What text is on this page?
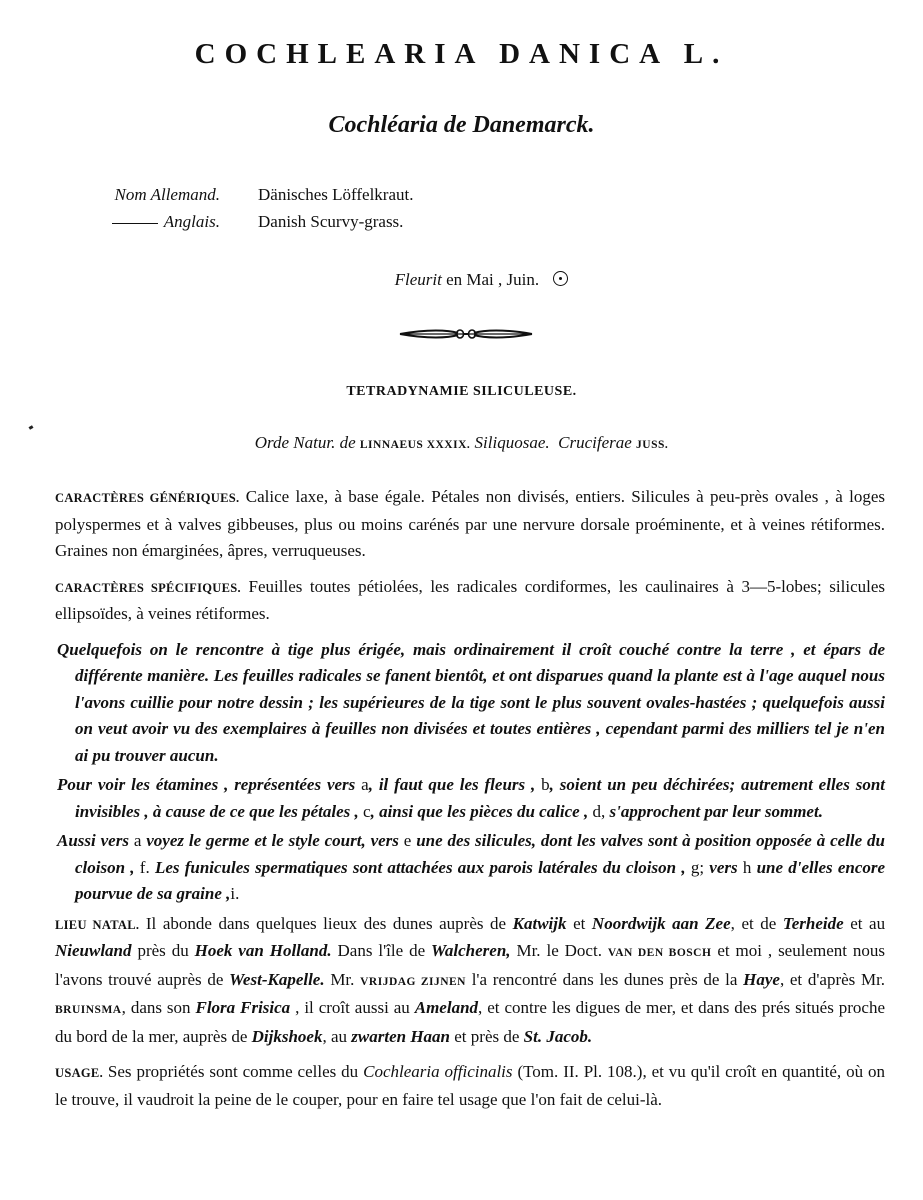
COCHLEARIA DANICA L.
Cochléaria de Danemarck.
Nom Allemand.	Dänisches Löffelkraut.
Anglais.	Danish Scurvy-grass.
Fleurit en Mai , Juin.
TETRADYNAMIE SILICULEUSE.
Orde Natur. de LINNAEUS XXXIX. Siliquosae. Cruciferae JUSS.

CARACTÈRES GÉNÉRIQUES. Calice laxe, à base égale. Pétales non divisés, entiers. Silicules à peu-près ovales , à loges polyspermes et à valves gibbeuses, plus ou moins carénés par une nervure dorsale proéminente, et à veines rétiformes. Graines non émarginées, âpres, verruqueuses.

CARACTÈRES SPÉCIFIQUES. Feuilles toutes pétiolées, les radicales cordiformes, les caulinaires à 3—5-lobes; silicules ellipsoïdes, à veines rétiformes.

Quelquefois on le rencontre à tige plus érigée, mais ordinairement il croît couché contre la terre , et épars de différente manière. Les feuilles radicales se fanent bientôt, et ont disparues quand la plante est à l'age auquel nous l'avons cuillie pour notre dessin ; les supérieures de la tige sont le plus souvent ovales-hastées ; quelquefois aussi on veut avoir vu des exemplaires à feuilles non divisées et toutes entières , cependant parmi des milliers tel je n'en ai pu trouver aucun.

Pour voir les étamines , représentées vers a, il faut que les fleurs , b, soient un peu déchirées; autrement elles sont invisibles , à cause de ce que les pétales , c, ainsi que les pièces du calice , d, s'approchent par leur sommet.

Aussi vers a voyez le germe et le style court, vers e une des silicules, dont les valves sont à position opposée à celle du cloison , f. Les funicules spermatiques sont attachées aux parois latérales du cloison , g; vers h une d'elles encore pourvue de sa graine ,i.

LIEU NATAL. Il abonde dans quelques lieux des dunes auprès de Katwijk et Noordwijk aan Zee, et de Terheide et au Nieuwland près du Hoek van Holland. Dans l'île de Walcheren, Mr. le Doct. VAN DEN BOSCH et moi , seulement nous l'avons trouvé auprès de West-Kapelle. Mr. VRIJDAG ZIJNEN l'a rencontré dans les dunes près de la Haye, et d'après Mr. BRUINSMA, dans son Flora Frisica , il croît aussi au Ameland, et contre les digues de mer, et dans des prés situés proche du bord de la mer, auprès de Dijkshoek, au zwarten Haan et près de St. Jacob.

USAGE. Ses propriétés sont comme celles du Cochlearia officinalis (Tom. II. Pl. 108.), et vu qu'il croît en quantité, où on le trouve, il vaudroit la peine de le couper, pour en faire tel usage que l'on fait de celui-là.
